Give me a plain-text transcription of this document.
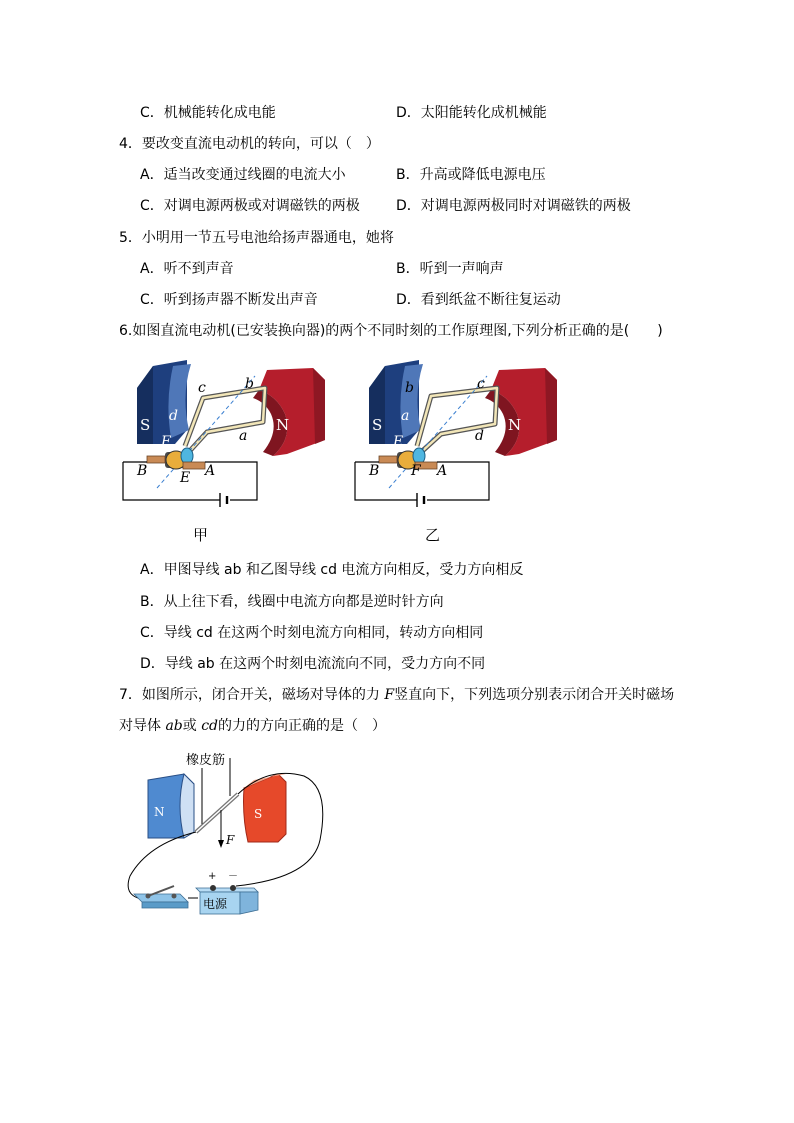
C．机械能转化成电能	D．太阳能转化成机械能
4．要改变直流电动机的转向，可以（　）
A．适当改变通过线圈的电流大小	B．升高或降低电源电压
C．对调电源两极或对调磁铁的两极	D．对调电源两极同时对调磁铁的两极
5．小明用一节五号电池给扬声器通电，她将
A．听不到声音	B．听到一声响声
C．听到扬声器不断发出声音	D．看到纸盆不断往复运动
6.如图直流电动机(已安装换向器)的两个不同时刻的工作原理图,下列分析正确的是(　　)
S	N
c	b
d
a
F
E
B	A
甲
S	N
b	c
a
d
E
F
B	A
乙
A．甲图导线 ab 和乙图导线 cd 电流方向相反，受力方向相反
B．从上往下看，线圈中电流方向都是逆时针方向
C．导线 cd 在这两个时刻电流方向相同，转动方向相同
D．导线 ab 在这两个时刻电流流向不同，受力方向不同
7．如图所示，闭合开关，磁场对导体的力 F竖直向下，下列选项分别表示闭合开关时磁场
对导体 ab或 cd的力的方向正确的是（　）
橡皮筋
N	S
F
+ －
电源
